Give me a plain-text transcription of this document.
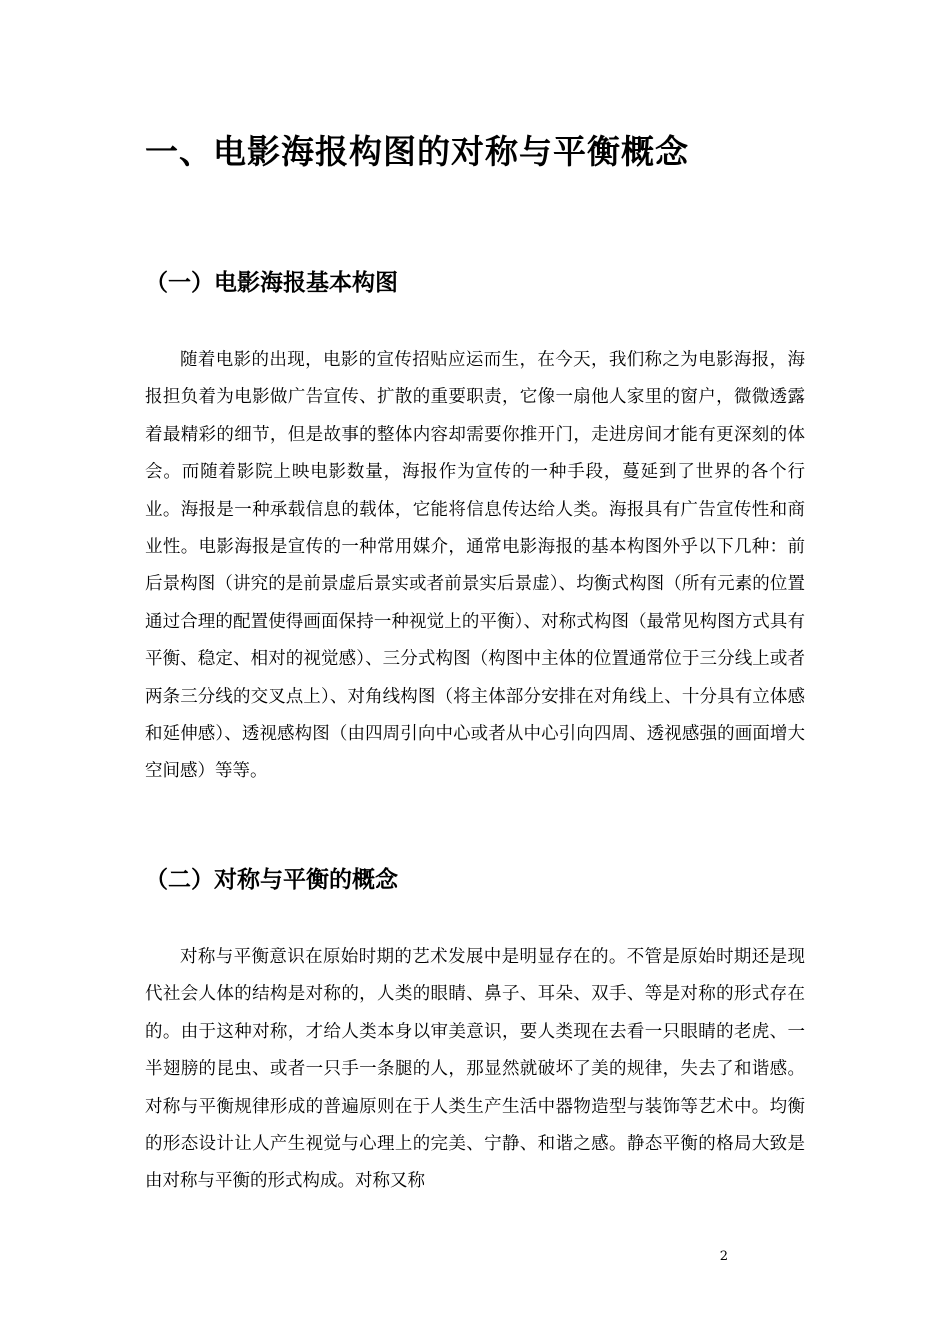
一、电影海报构图的对称与平衡概念
（一）电影海报基本构图

随着电影的出现，电影的宣传招贴应运而生，在今天，我们称之为电影海报，海报担负着为电影做广告宣传、扩散的重要职责，它像一扇他人家里的窗户，微微透露着最精彩的细节，但是故事的整体内容却需要你推开门，走进房间才能有更深刻的体会。而随着影院上映电影数量，海报作为宣传的一种手段，蔓延到了世界的各个行业。海报是一种承载信息的载体，它能将信息传达给人类。海报具有广告宣传性和商业性。电影海报是宣传的一种常用媒介，通常电影海报的基本构图外乎以下几种：前后景构图（讲究的是前景虚后景实或者前景实后景虚）、均衡式构图（所有元素的位置通过合理的配置使得画面保持一种视觉上的平衡）、对称式构图（最常见构图方式具有平衡、稳定、相对的视觉感）、三分式构图（构图中主体的位置通常位于三分线上或者两条三分线的交叉点上）、对角线构图（将主体部分安排在对角线上、十分具有立体感和延伸感）、透视感构图（由四周引向中心或者从中心引向四周、透视感强的画面增大空间感）等等。

（二）对称与平衡的概念

对称与平衡意识在原始时期的艺术发展中是明显存在的。不管是原始时期还是现代社会人体的结构是对称的，人类的眼睛、鼻子、耳朵、双手、等是对称的形式存在的。由于这种对称，才给人类本身以审美意识，要人类现在去看一只眼睛的老虎、一半翅膀的昆虫、或者一只手一条腿的人，那显然就破坏了美的规律，失去了和谐感。对称与平衡规律形成的普遍原则在于人类生产生活中器物造型与装饰等艺术中。均衡的形态设计让人产生视觉与心理上的完美、宁静、和谐之感。静态平衡的格局大致是由对称与平衡的形式构成。对称又称

2
